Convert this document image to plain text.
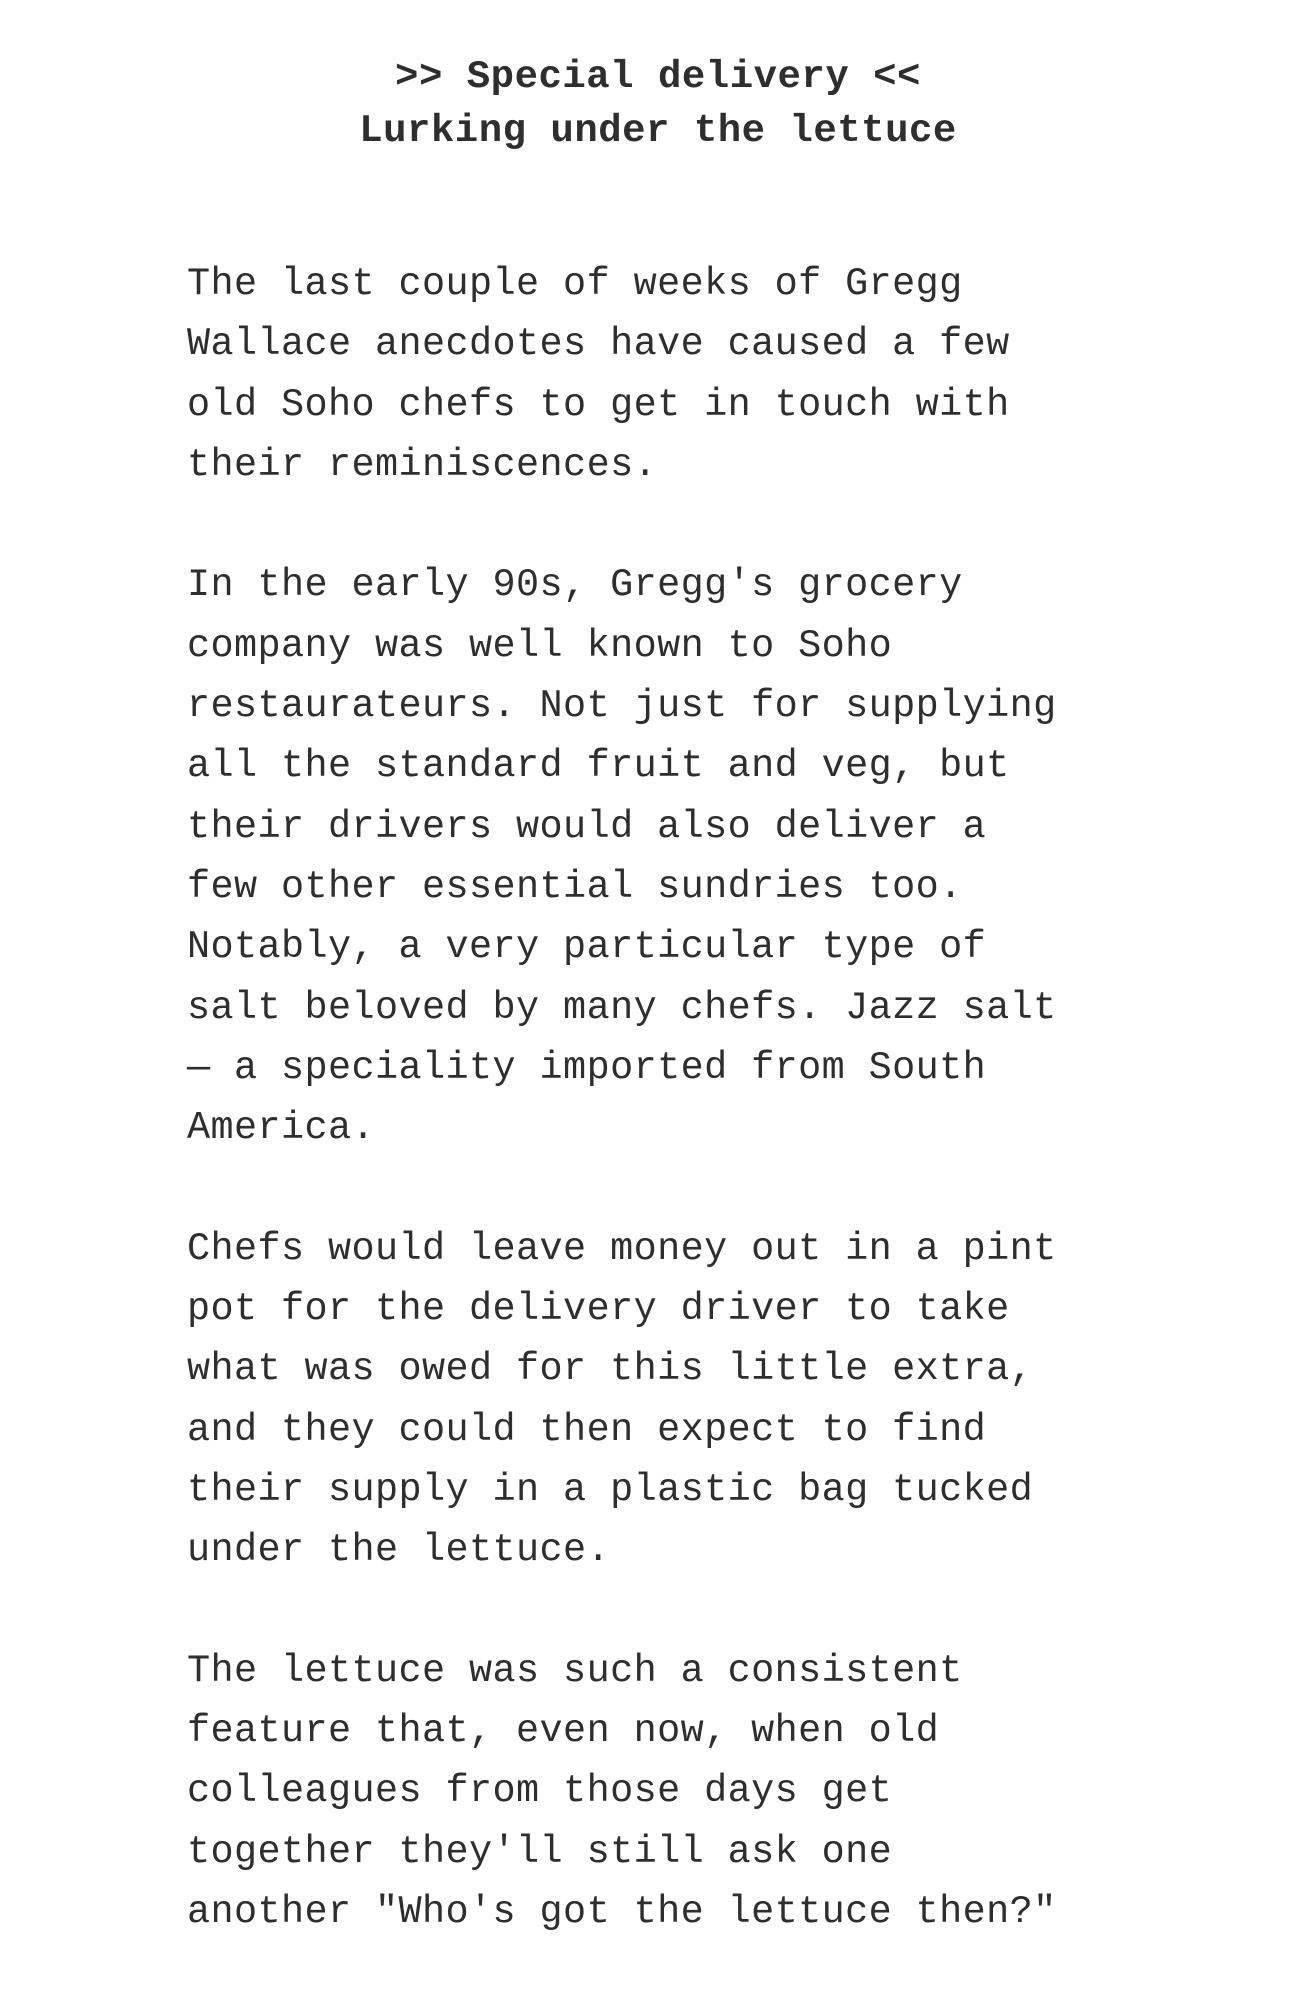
>> Special delivery <<
Lurking under the lettuce

The last couple of weeks of Gregg
Wallace anecdotes have caused a few
old Soho chefs to get in touch with
their reminiscences.

In the early 90s, Gregg's grocery
company was well known to Soho
restaurateurs. Not just for supplying
all the standard fruit and veg, but
their drivers would also deliver a
few other essential sundries too.
Notably, a very particular type of
salt beloved by many chefs. Jazz salt
— a speciality imported from South
America.

Chefs would leave money out in a pint
pot for the delivery driver to take
what was owed for this little extra,
and they could then expect to find
their supply in a plastic bag tucked
under the lettuce.

The lettuce was such a consistent
feature that, even now, when old
colleagues from those days get
together they'll still ask one
another "Who's got the lettuce then?"
